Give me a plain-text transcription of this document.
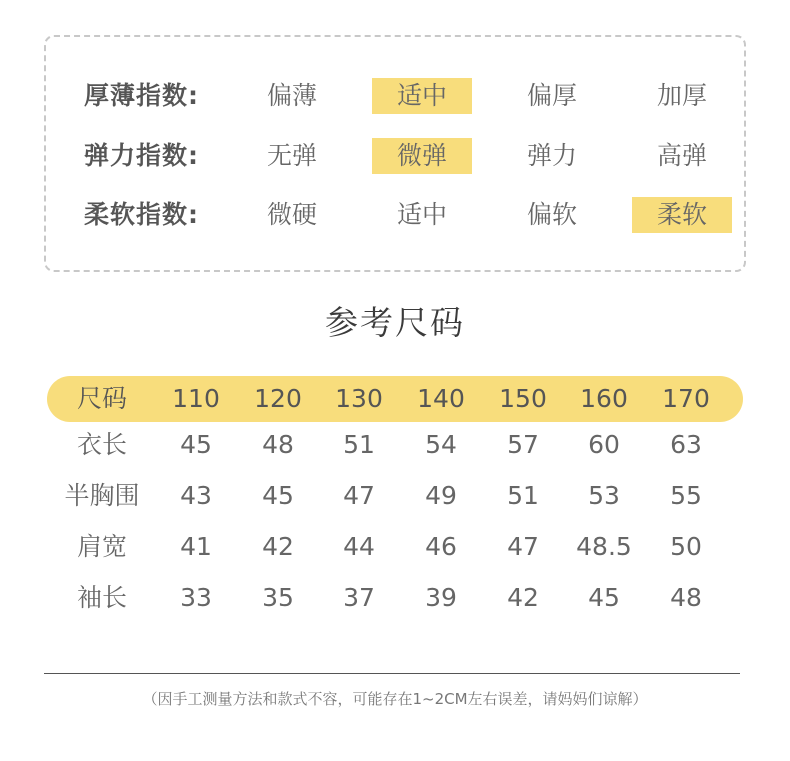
厚薄指数:	偏薄	适中	偏厚	加厚
弹力指数:	无弹	微弹	弹力	高弹
柔软指数:	微硬	适中	偏软	柔软
参考尺码
尺码	110	120	130	140	150	160	170
衣长	45	48	51	54	57	60	63
半胸围	43	45	47	49	51	53	55
肩宽	41	42	44	46	47	48.5	50
袖长	33	35	37	39	42	45	48
（因手工测量方法和款式不容，可能存在1~2CM左右误差，请妈妈们谅解）
